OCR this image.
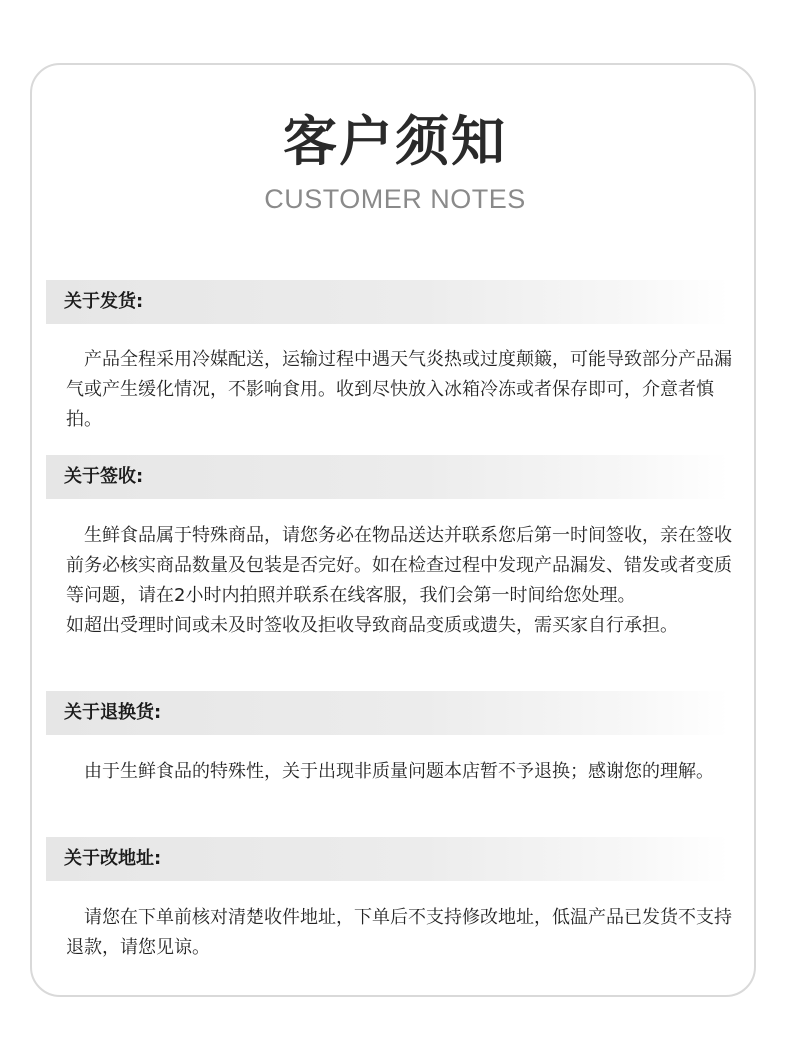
客户须知
CUSTOMER NOTES
关于发货:

产品全程采用冷媒配送，运输过程中遇天气炎热或过度颠簸，可能导致部分产品漏气或产生缓化情况，不影响食用。收到尽快放入冰箱冷冻或者保存即可，介意者慎拍。

关于签收:

生鲜食品属于特殊商品，请您务必在物品送达并联系您后第一时间签收，亲在签收前务必核实商品数量及包装是否完好。如在检查过程中发现产品漏发、错发或者变质等问题，请在2小时内拍照并联系在线客服，我们会第一时间给您处理。

如超出受理时间或未及时签收及拒收导致商品变质或遗失，需买家自行承担。

关于退换货:

由于生鲜食品的特殊性，关于出现非质量问题本店暂不予退换；感谢您的理解。

关于改地址:

请您在下单前核对清楚收件地址，下单后不支持修改地址，低温产品已发货不支持退款，请您见谅。
